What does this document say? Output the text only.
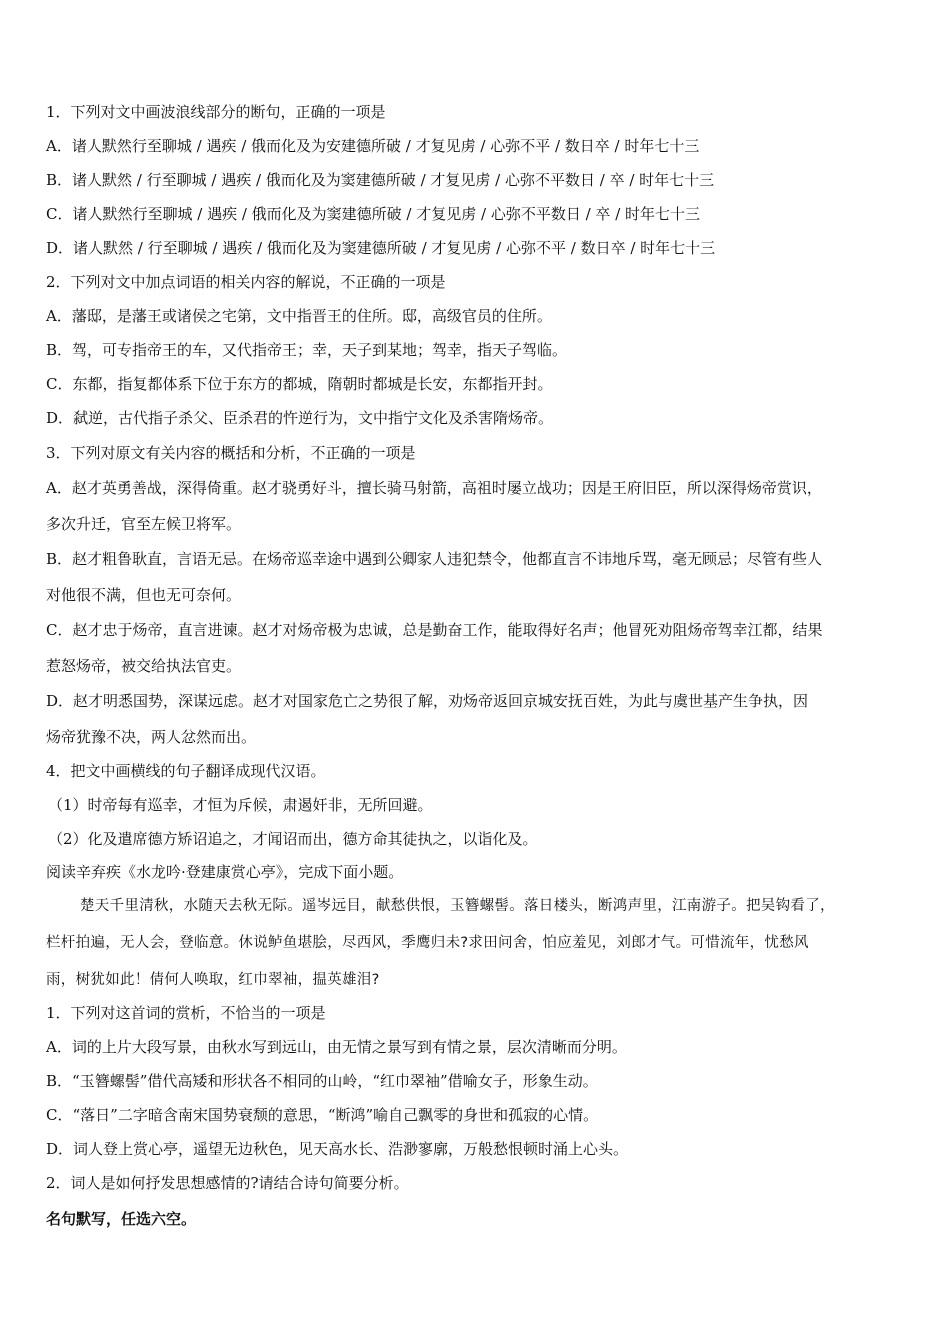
1．下列对文中画波浪线部分的断句，正确的一项是
A．诸人默然行至聊城 / 遇疾 / 俄而化及为安建德所破 / 才复见虏 / 心弥不平 / 数日卒 / 时年七十三
B．诸人默然 / 行至聊城 / 遇疾 / 俄而化及为窦建德所破 / 才复见虏 / 心弥不平数日 / 卒 / 时年七十三
C．诸人默然行至聊城 / 遇疾 / 俄而化及为窦建德所破 / 才复见虏 / 心弥不平数日 / 卒 / 时年七十三
D．诸人默然 / 行至聊城 / 遇疾 / 俄而化及为窦建德所破 / 才复见虏 / 心弥不平 / 数日卒 / 时年七十三
2．下列对文中加点词语的相关内容的解说，不正确的一项是
A．藩邸，是藩王或诸侯之宅第，文中指晋王的住所。邸，高级官员的住所。
B．驾，可专指帝王的车，又代指帝王；幸，天子到某地；驾幸，指天子驾临。
C．东都，指复都体系下位于东方的都城，隋朝时都城是长安，东都指开封。
D．弑逆，古代指子杀父、臣杀君的忤逆行为，文中指宁文化及杀害隋炀帝。
3．下列对原文有关内容的概括和分析，不正确的一项是
A．赵才英勇善战，深得倚重。赵才骁勇好斗，擅长骑马射箭，高祖时屡立战功；因是王府旧臣，所以深得炀帝赏识，
多次升迁，官至左候卫将军。
B．赵才粗鲁耿直，言语无忌。在炀帝巡幸途中遇到公卿家人违犯禁令，他都直言不讳地斥骂，毫无顾忌；尽管有些人
对他很不满，但也无可奈何。
C．赵才忠于炀帝，直言进谏。赵才对炀帝极为忠诚，总是勤奋工作，能取得好名声；他冒死劝阻炀帝驾幸江都，结果
惹怒炀帝，被交给执法官吏。
D．赵才明悉国势，深谋远虑。赵才对国家危亡之势很了解，劝炀帝返回京城安抚百姓，为此与虞世基产生争执，因
炀帝犹豫不决，两人忿然而出。
4．把文中画横线的句子翻译成现代汉语。
（1）时帝每有巡幸，才恒为斥候，肃遏奸非，无所回避。
（2）化及遣席德方矫诏追之，才闻诏而出，德方命其徒执之，以诣化及。
阅读辛弃疾《水龙吟·登建康赏心亭》，完成下面小题。
楚天千里清秋，水随天去秋无际。遥岑远目，献愁供恨，玉簪螺髻。落日楼头，断鸿声里，江南游子。把吴钩看了，
栏杆拍遍，无人会，登临意。休说鲈鱼堪脍，尽西风，季鹰归未?求田问舍，怕应羞见，刘郎才气。可惜流年，忧愁风
雨，树犹如此！倩何人唤取，红巾翠袖，揾英雄泪?
1．下列对这首词的赏析，不恰当的一项是
A．词的上片大段写景，由秋水写到远山，由无情之景写到有情之景，层次清晰而分明。
B．“玉簪螺髻”借代高矮和形状各不相同的山岭，“红巾翠袖”借喻女子，形象生动。
C．“落日”二字暗含南宋国势衰颓的意思，“断鸿”喻自己飘零的身世和孤寂的心情。
D．词人登上赏心亭，遥望无边秋色，见天高水长、浩渺寥廓，万般愁恨顿时涌上心头。
2．词人是如何抒发思想感情的?请结合诗句简要分析。
名句默写，任选六空。
